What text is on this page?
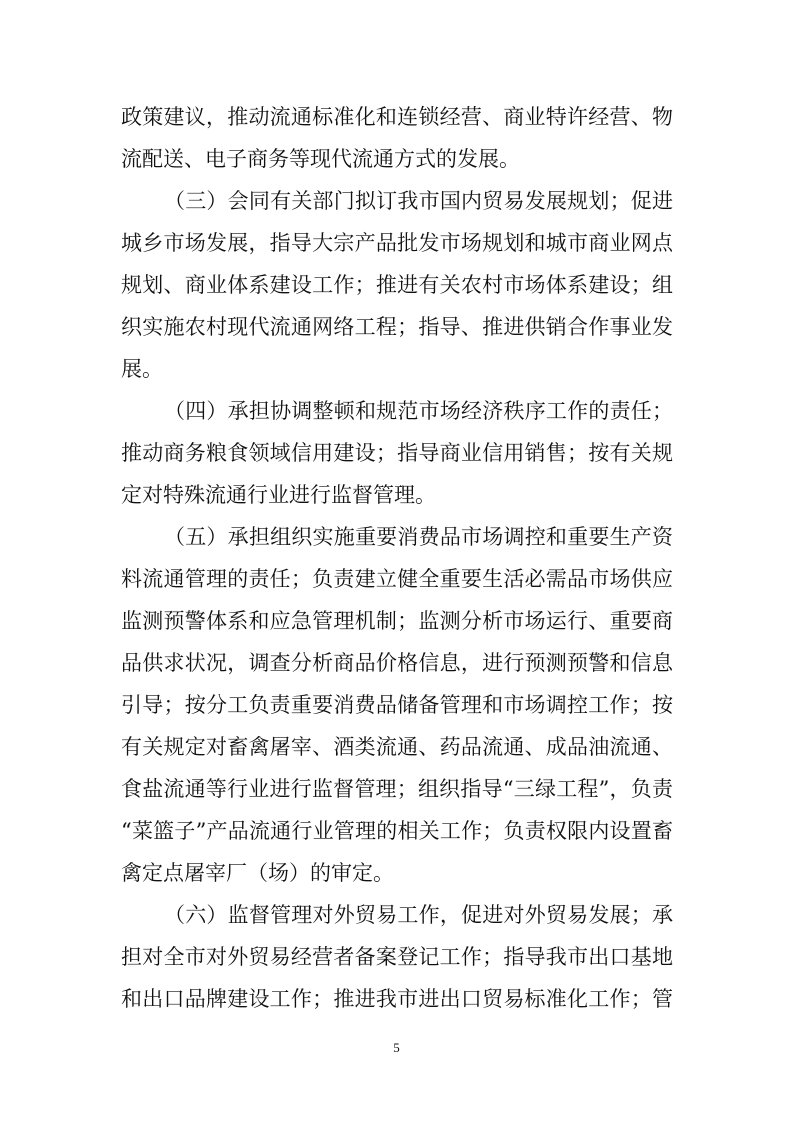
政策建议，推动流通标准化和连锁经营、商业特许经营、物
流配送、电子商务等现代流通方式的发展。
（三）会同有关部门拟订我市国内贸易发展规划；促进
城乡市场发展，指导大宗产品批发市场规划和城市商业网点
规划、商业体系建设工作；推进有关农村市场体系建设；组
织实施农村现代流通网络工程；指导、推进供销合作事业发
展。
（四）承担协调整顿和规范市场经济秩序工作的责任；
推动商务粮食领域信用建设；指导商业信用销售；按有关规
定对特殊流通行业进行监督管理。
（五）承担组织实施重要消费品市场调控和重要生产资
料流通管理的责任；负责建立健全重要生活必需品市场供应
监测预警体系和应急管理机制；监测分析市场运行、重要商
品供求状况，调查分析商品价格信息，进行预测预警和信息
引导；按分工负责重要消费品储备管理和市场调控工作；按
有关规定对畜禽屠宰、酒类流通、药品流通、成品油流通、
食盐流通等行业进行监督管理；组织指导“三绿工程”，负责
“菜篮子”产品流通行业管理的相关工作；负责权限内设置畜
禽定点屠宰厂（场）的审定。
（六）监督管理对外贸易工作，促进对外贸易发展；承
担对全市对外贸易经营者备案登记工作；指导我市出口基地
和出口品牌建设工作；推进我市进出口贸易标准化工作；管
5
